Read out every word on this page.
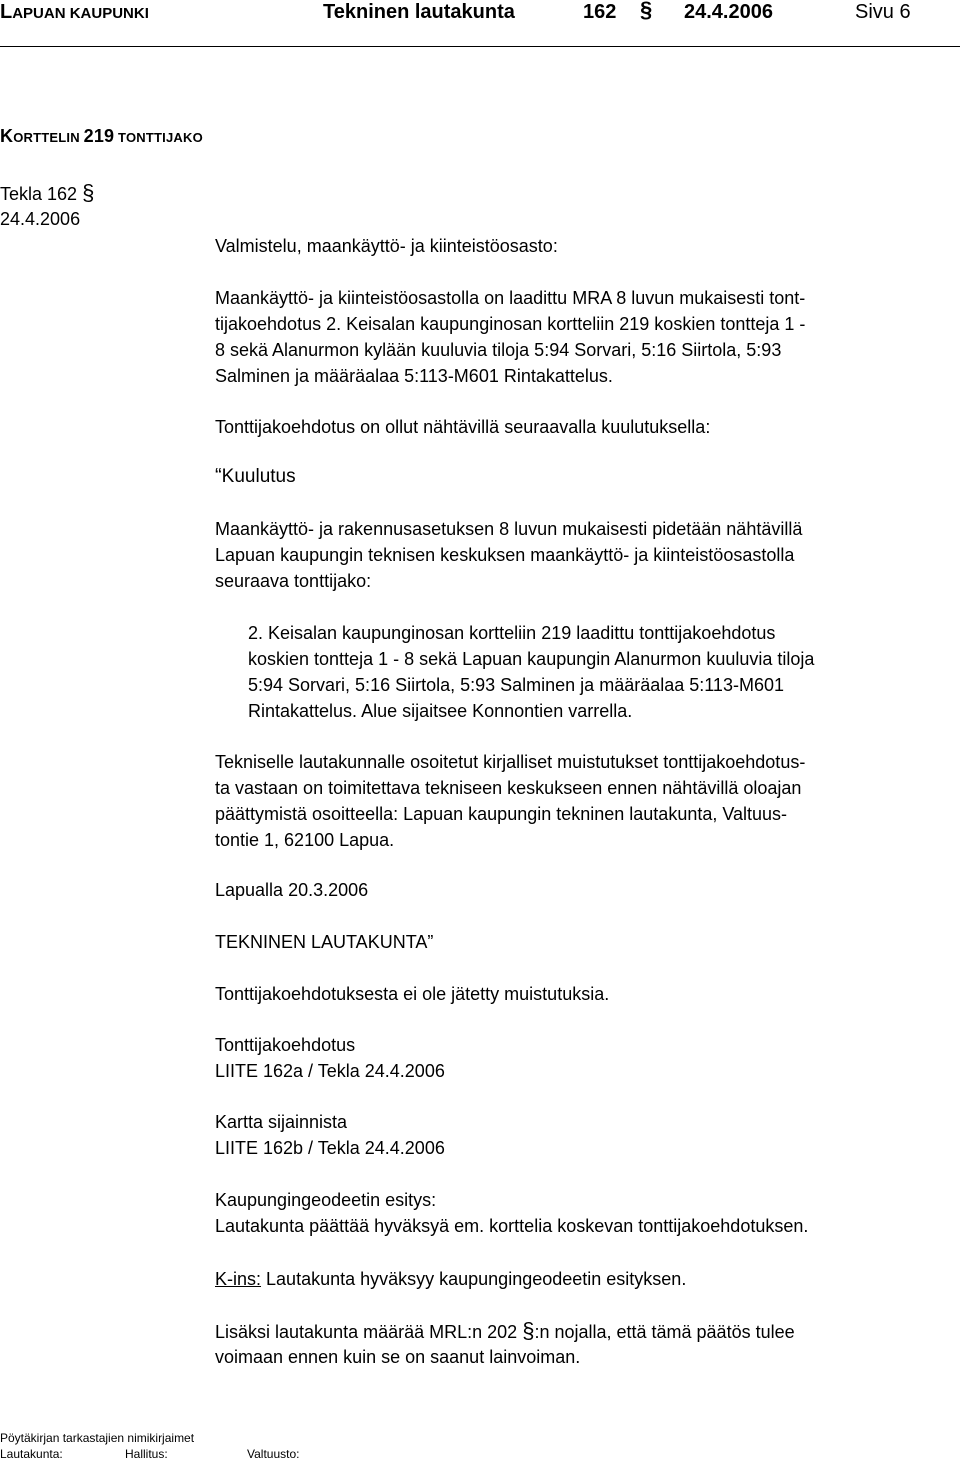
LAPUAN KAUPUNKI	Tekninen lautakunta	162 § 24.4.2006	Sivu 6
KORTTELIN 219 TONTTIJAKO
Tekla 162 §
24.4.2006
Valmistelu, maankäyttö- ja kiinteistöosasto:
Maankäyttö- ja kiinteistöosastolla on laadittu MRA 8 luvun mukaisesti tont-
tijakoehdotus 2. Keisalan kaupunginosan kortteliin 219 koskien tontteja 1 -
8 sekä Alanurmon kylään kuuluvia tiloja 5:94 Sorvari, 5:16 Siirtola, 5:93
Salminen ja määräalaa 5:113-M601 Rintakattelus.
Tonttijakoehdotus on ollut nähtävillä seuraavalla kuulutuksella:
“Kuulutus
Maankäyttö- ja rakennusasetuksen 8 luvun mukaisesti pidetään nähtävillä
Lapuan kaupungin teknisen keskuksen maankäyttö- ja kiinteistöosastolla
seuraava tonttijako:
2. Keisalan kaupunginosan kortteliin 219 laadittu tonttijakoehdotus
koskien tontteja 1 - 8 sekä Lapuan kaupungin Alanurmon kuuluvia tiloja
5:94 Sorvari, 5:16 Siirtola, 5:93 Salminen ja määräalaa 5:113-M601
Rintakattelus. Alue sijaitsee Konnontien varrella.
Tekniselle lautakunnalle osoitetut kirjalliset muistutukset tonttijakoehdotus-
ta vastaan on toimitettava tekniseen keskukseen ennen nähtävillä oloajan
päättymistä osoitteella: Lapuan kaupungin tekninen lautakunta, Valtuus-
tontie 1, 62100 Lapua.
Lapualla 20.3.2006
TEKNINEN LAUTAKUNTA”
Tonttijakoehdotuksesta ei ole jätetty muistutuksia.
Tonttijakoehdotus
LIITE 162a / Tekla 24.4.2006
Kartta sijainnista
LIITE 162b / Tekla 24.4.2006
Kaupungingeodeetin esitys:
Lautakunta päättää hyväksyä em. korttelia koskevan tonttijakoehdotuksen.
K-ins: Lautakunta hyväksyy kaupungingeodeetin esityksen.
Lisäksi lautakunta määrää MRL:n 202 §:n nojalla, että tämä päätös tulee
voimaan ennen kuin se on saanut lainvoiman.
Pöytäkirjan tarkastajien nimikirjaimet
Lautakunta:	Hallitus:	Valtuusto:
